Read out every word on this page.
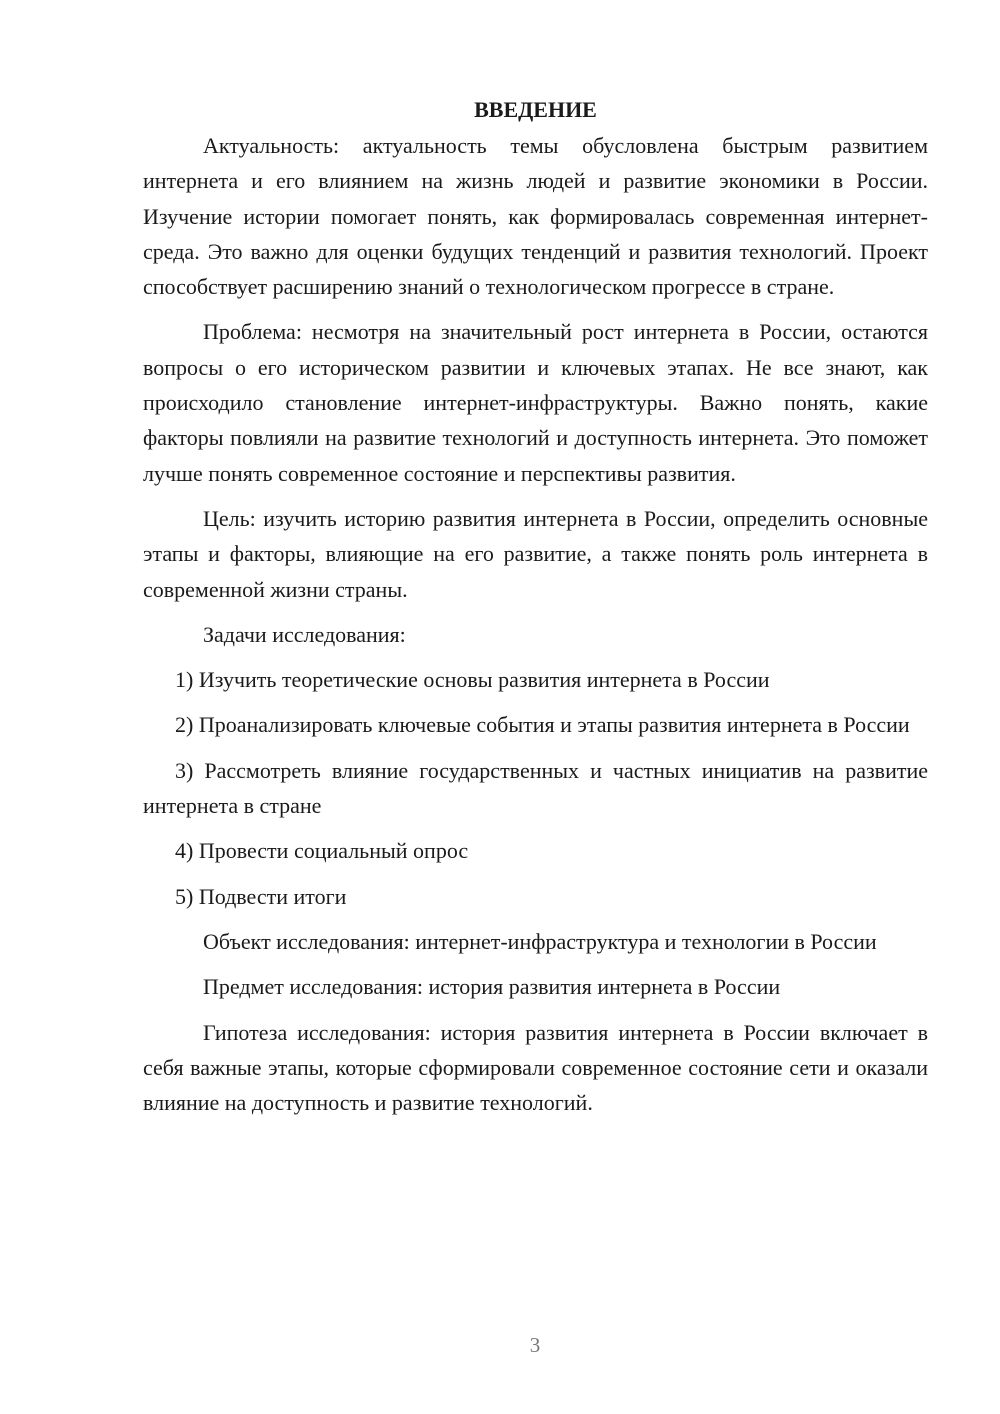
ВВЕДЕНИЕ

Актуальность: актуальность темы обусловлена быстрым развитием интернета и его влиянием на жизнь людей и развитие экономики в России. Изучение истории помогает понять, как формировалась современная интернет-среда. Это важно для оценки будущих тенденций и развития технологий. Проект способствует расширению знаний о технологическом прогрессе в стране.

Проблема: несмотря на значительный рост интернета в России, остаются вопросы о его историческом развитии и ключевых этапах. Не все знают, как происходило становление интернет-инфраструктуры. Важно понять, какие факторы повлияли на развитие технологий и доступность интернета. Это поможет лучше понять современное состояние и перспективы развития.

Цель: изучить историю развития интернета в России, определить основные этапы и факторы, влияющие на его развитие, а также понять роль интернета в современной жизни страны.

Задачи исследования:

1) Изучить теоретические основы развития интернета в России

2) Проанализировать ключевые события и этапы развития интернета в России

3) Рассмотреть влияние государственных и частных инициатив на развитие интернета в стране

4) Провести социальный опрос

5) Подвести итоги

Объект исследования: интернет-инфраструктура и технологии в России

Предмет исследования: история развития интернета в России

Гипотеза исследования: история развития интернета в России включает в себя важные этапы, которые сформировали современное состояние сети и оказали влияние на доступность и развитие технологий.

3
